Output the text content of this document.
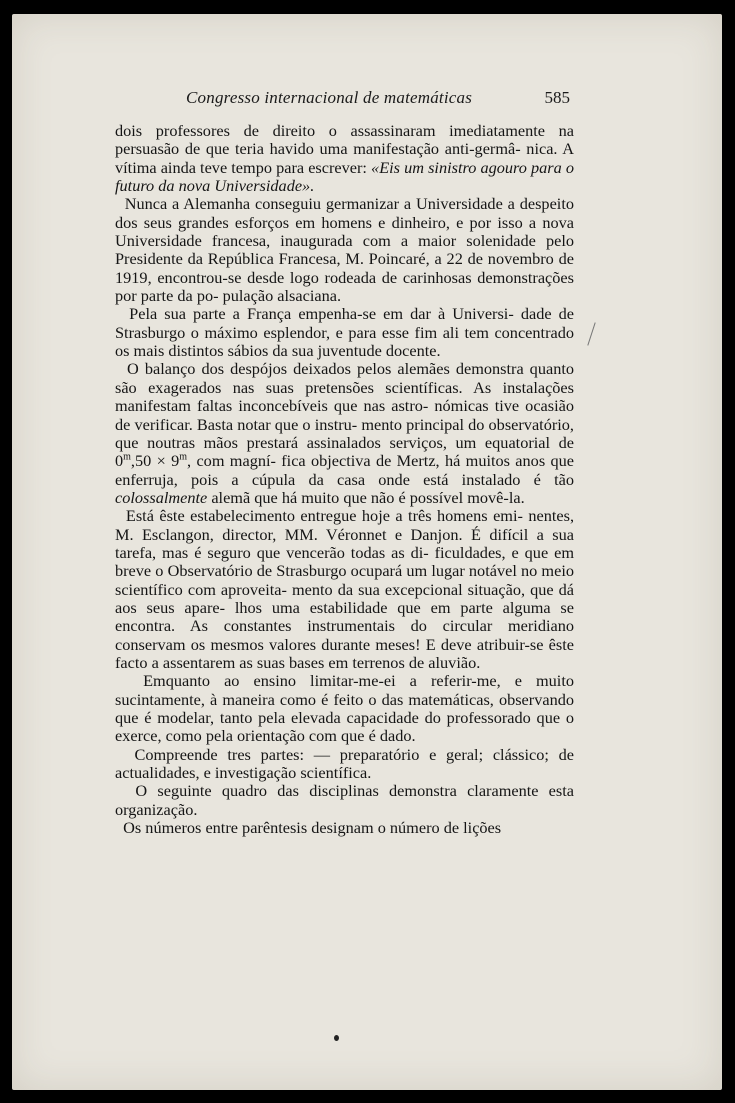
Congresso internacional de matemáticas	585

dois professores de direito o assassinaram imediatamente na persuasão de que teria havido uma manifestação anti-germâ- nica. A vítima ainda teve tempo para escrever: «Eis um sinistro agouro para o futuro da nova Universidade».

Nunca a Alemanha conseguiu germanizar a Universidade a despeito dos seus grandes esforços em homens e dinheiro, e por isso a nova Universidade francesa, inaugurada com a maior solenidade pelo Presidente da República Francesa, M. Poincaré, a 22 de novembro de 1919, encontrou-se desde logo rodeada de carinhosas demonstrações por parte da po- pulação alsaciana.

Pela sua parte a França empenha-se em dar à Universi- dade de Strasburgo o máximo esplendor, e para esse fim ali tem concentrado os mais distintos sábios da sua juventude docente.

O balanço dos despójos deixados pelos alemães demonstra quanto são exagerados nas suas pretensões scientíficas. As instalações manifestam faltas inconcebíveis que nas astro- nómicas tive ocasião de verificar. Basta notar que o instru- mento principal do observatório, que noutras mãos prestará assinalados serviços, um equatorial de $0^m,50 \times 9^m$, com magní- fica objectiva de Mertz, há muitos anos que enferruja, pois a cúpula da casa onde está instalado é tão colossalmente alemã que há muito que não é possível movê-la.

Está êste estabelecimento entregue hoje a três homens emi- nentes, M. Esclangon, director, MM. Véronnet e Danjon. É difícil a sua tarefa, mas é seguro que vencerão todas as di- ficuldades, e que em breve o Observatório de Strasburgo ocupará um lugar notável no meio scientífico com aproveita- mento da sua excepcional situação, que dá aos seus apare- lhos uma estabilidade que em parte alguma se encontra. As constantes instrumentais do circular meridiano conservam os mesmos valores durante meses! E deve atribuir-se êste facto a assentarem as suas bases em terrenos de aluvião.

Emquanto ao ensino limitar-me-ei a referir-me, e muito sucintamente, à maneira como é feito o das matemáticas, observando que é modelar, tanto pela elevada capacidade do professorado que o exerce, como pela orientação com que é dado.

Compreende tres partes: — preparatório e geral; clássico; de actualidades, e investigação scientífica.

O seguinte quadro das disciplinas demonstra claramente esta organização.

Os números entre parêntesis designam o número de lições
